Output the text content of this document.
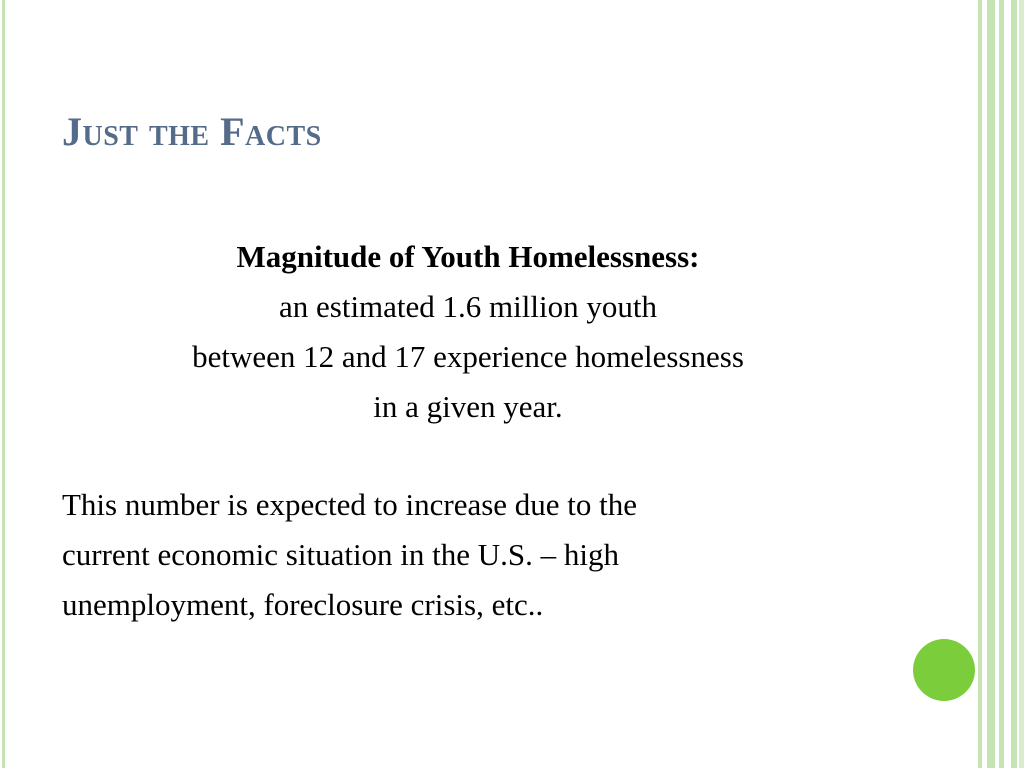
Just the Facts
Magnitude of Youth Homelessness:
an estimated 1.6 million youth
between 12 and 17 experience homelessness
in a given year.
This number is expected to increase due to the
current economic situation in the U.S. – high
unemployment, foreclosure crisis, etc..
